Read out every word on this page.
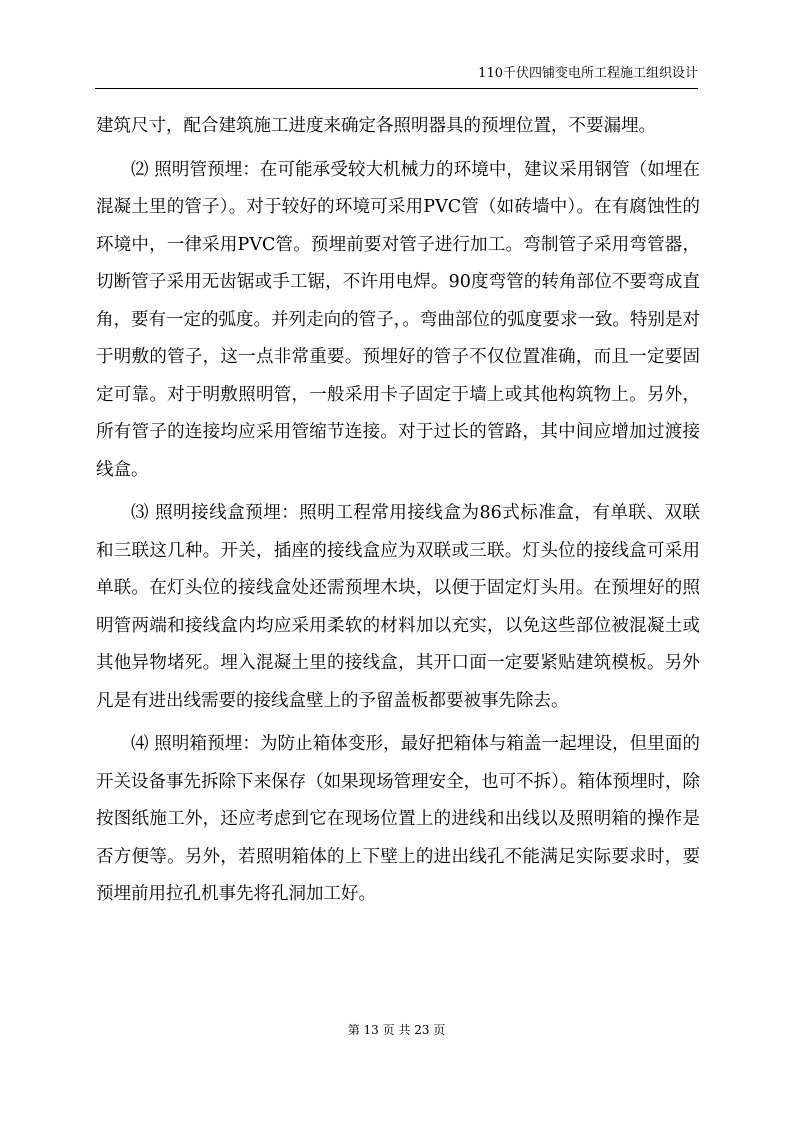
110千伏四铺变电所工程施工组织设计

建筑尺寸，配合建筑施工进度来确定各照明器具的预埋位置，不要漏埋。

⑵ 照明管预埋：在可能承受较大机械力的环境中，建议采用钢管（如埋在混凝土里的管子）。对于较好的环境可采用PVC管（如砖墙中）。在有腐蚀性的环境中，一律采用PVC管。预埋前要对管子进行加工。弯制管子采用弯管器，切断管子采用无齿锯或手工锯，不许用电焊。90度弯管的转角部位不要弯成直角，要有一定的弧度。并列走向的管子，。弯曲部位的弧度要求一致。特别是对于明敷的管子，这一点非常重要。预埋好的管子不仅位置准确，而且一定要固定可靠。对于明敷照明管，一般采用卡子固定于墙上或其他构筑物上。另外，所有管子的连接均应采用管缩节连接。对于过长的管路，其中间应增加过渡接线盒。

⑶ 照明接线盒预埋：照明工程常用接线盒为86式标准盒，有单联、双联和三联这几种。开关，插座的接线盒应为双联或三联。灯头位的接线盒可采用单联。在灯头位的接线盒处还需预埋木块，以便于固定灯头用。在预埋好的照明管两端和接线盒内均应采用柔软的材料加以充实，以免这些部位被混凝土或其他异物堵死。埋入混凝土里的接线盒，其开口面一定要紧贴建筑模板。另外凡是有进出线需要的接线盒壁上的予留盖板都要被事先除去。

⑷ 照明箱预埋：为防止箱体变形，最好把箱体与箱盖一起埋设，但里面的开关设备事先拆除下来保存（如果现场管理安全，也可不拆）。箱体预埋时，除按图纸施工外，还应考虑到它在现场位置上的进线和出线以及照明箱的操作是否方便等。另外，若照明箱体的上下壁上的进出线孔不能满足实际要求时，要预埋前用拉孔机事先将孔洞加工好。

第 13 页 共 23 页
